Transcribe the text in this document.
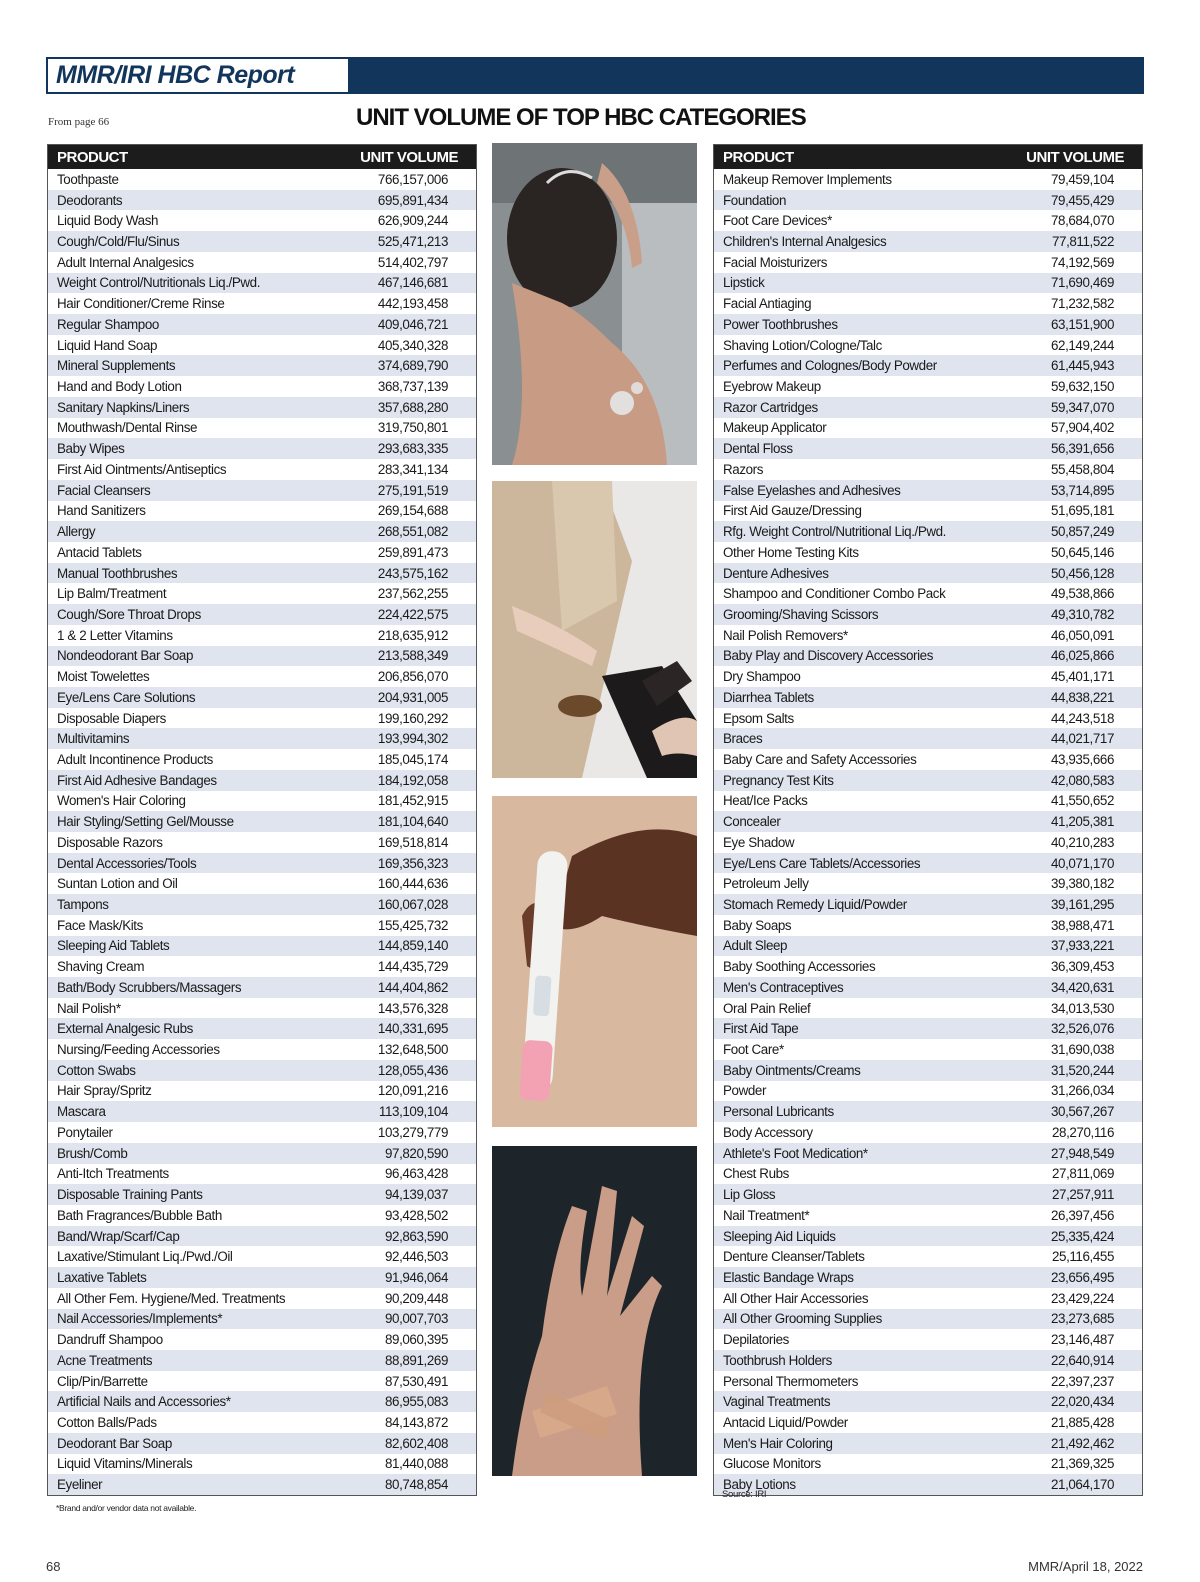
MMR/IRI HBC Report
From page 66	UNIT VOLUME OF TOP HBC CATEGORIES
PRODUCT	UNIT VOLUME
Toothpaste	766,157,006
Deodorants	695,891,434
Liquid Body Wash	626,909,244
Cough/Cold/Flu/Sinus	525,471,213
Adult Internal Analgesics	514,402,797
Weight Control/Nutritionals Liq./Pwd.	467,146,681
Hair Conditioner/Creme Rinse	442,193,458
Regular Shampoo	409,046,721
Liquid Hand Soap	405,340,328
Mineral Supplements	374,689,790
Hand and Body Lotion	368,737,139
Sanitary Napkins/Liners	357,688,280
Mouthwash/Dental Rinse	319,750,801
Baby Wipes	293,683,335
First Aid Ointments/Antiseptics	283,341,134
Facial Cleansers	275,191,519
Hand Sanitizers	269,154,688
Allergy	268,551,082
Antacid Tablets	259,891,473
Manual Toothbrushes	243,575,162
Lip Balm/Treatment	237,562,255
Cough/Sore Throat Drops	224,422,575
1 & 2 Letter Vitamins	218,635,912
Nondeodorant Bar Soap	213,588,349
Moist Towelettes	206,856,070
Eye/Lens Care Solutions	204,931,005
Disposable Diapers	199,160,292
Multivitamins	193,994,302
Adult Incontinence Products	185,045,174
First Aid Adhesive Bandages	184,192,058
Women's Hair Coloring	181,452,915
Hair Styling/Setting Gel/Mousse	181,104,640
Disposable Razors	169,518,814
Dental Accessories/Tools	169,356,323
Suntan Lotion and Oil	160,444,636
Tampons	160,067,028
Face Mask/Kits	155,425,732
Sleeping Aid Tablets	144,859,140
Shaving Cream	144,435,729
Bath/Body Scrubbers/Massagers	144,404,862
Nail Polish*	143,576,328
External Analgesic Rubs	140,331,695
Nursing/Feeding Accessories	132,648,500
Cotton Swabs	128,055,436
Hair Spray/Spritz	120,091,216
Mascara	113,109,104
Ponytailer	103,279,779
Brush/Comb	97,820,590
Anti-Itch Treatments	96,463,428
Disposable Training Pants	94,139,037
Bath Fragrances/Bubble Bath	93,428,502
Band/Wrap/Scarf/Cap	92,863,590
Laxative/Stimulant Liq./Pwd./Oil	92,446,503
Laxative Tablets	91,946,064
All Other Fem. Hygiene/Med. Treatments	90,209,448
Nail Accessories/Implements*	90,007,703
Dandruff Shampoo	89,060,395
Acne Treatments	88,891,269
Clip/Pin/Barrette	87,530,491
Artificial Nails and Accessories*	86,955,083
Cotton Balls/Pads	84,143,872
Deodorant Bar Soap	82,602,408
Liquid Vitamins/Minerals	81,440,088
Eyeliner	80,748,854
PRODUCT	UNIT VOLUME
Makeup Remover Implements	79,459,104
Foundation	79,455,429
Foot Care Devices*	78,684,070
Children's Internal Analgesics	77,811,522
Facial Moisturizers	74,192,569
Lipstick	71,690,469
Facial Antiaging	71,232,582
Power Toothbrushes	63,151,900
Shaving Lotion/Cologne/Talc	62,149,244
Perfumes and Colognes/Body Powder	61,445,943
Eyebrow Makeup	59,632,150
Razor Cartridges	59,347,070
Makeup Applicator	57,904,402
Dental Floss	56,391,656
Razors	55,458,804
False Eyelashes and Adhesives	53,714,895
First Aid Gauze/Dressing	51,695,181
Rfg. Weight Control/Nutritional Liq./Pwd.	50,857,249
Other Home Testing Kits	50,645,146
Denture Adhesives	50,456,128
Shampoo and Conditioner Combo Pack	49,538,866
Grooming/Shaving Scissors	49,310,782
Nail Polish Removers*	46,050,091
Baby Play and Discovery Accessories	46,025,866
Dry Shampoo	45,401,171
Diarrhea Tablets	44,838,221
Epsom Salts	44,243,518
Braces	44,021,717
Baby Care and Safety Accessories	43,935,666
Pregnancy Test Kits	42,080,583
Heat/Ice Packs	41,550,652
Concealer	41,205,381
Eye Shadow	40,210,283
Eye/Lens Care Tablets/Accessories	40,071,170
Petroleum Jelly	39,380,182
Stomach Remedy Liquid/Powder	39,161,295
Baby Soaps	38,988,471
Adult Sleep	37,933,221
Baby Soothing Accessories	36,309,453
Men's Contraceptives	34,420,631
Oral Pain Relief	34,013,530
First Aid Tape	32,526,076
Foot Care*	31,690,038
Baby Ointments/Creams	31,520,244
Powder	31,266,034
Personal Lubricants	30,567,267
Body Accessory	28,270,116
Athlete's Foot Medication*	27,948,549
Chest Rubs	27,811,069
Lip Gloss	27,257,911
Nail Treatment*	26,397,456
Sleeping Aid Liquids	25,335,424
Denture Cleanser/Tablets	25,116,455
Elastic Bandage Wraps	23,656,495
All Other Hair Accessories	23,429,224
All Other Grooming Supplies	23,273,685
Depilatories	23,146,487
Toothbrush Holders	22,640,914
Personal Thermometers	22,397,237
Vaginal Treatments	22,020,434
Antacid Liquid/Powder	21,885,428
Men's Hair Coloring	21,492,462
Glucose Monitors	21,369,325
Baby Lotions	21,064,170
*Brand and/or vendor data not available.
Source: IRI
68	MMR/April 18, 2022
